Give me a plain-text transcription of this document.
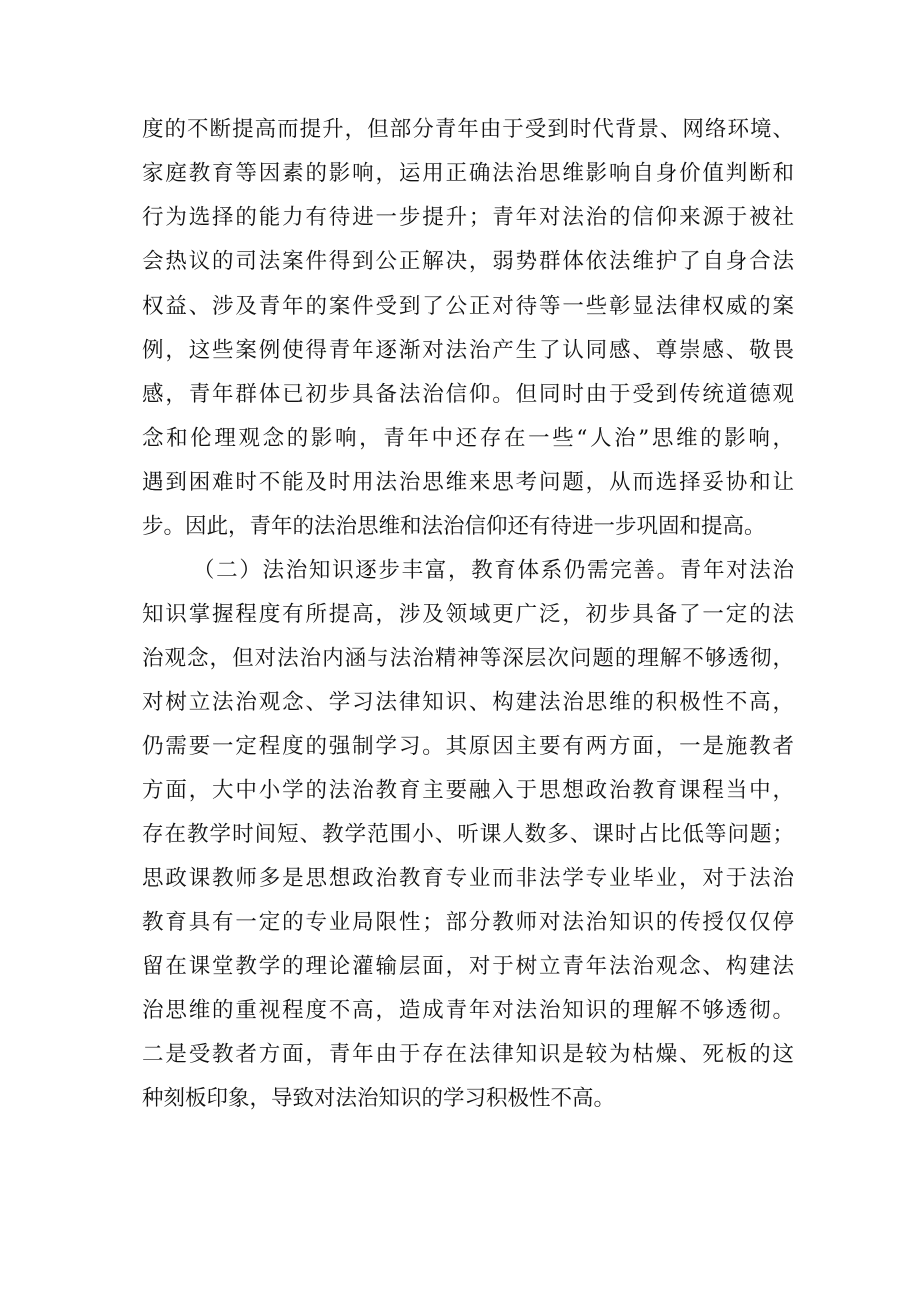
度的不断提高而提升，但部分青年由于受到时代背景、网络环境、
家庭教育等因素的影响，运用正确法治思维影响自身价值判断和
行为选择的能力有待进一步提升；青年对法治的信仰来源于被社
会热议的司法案件得到公正解决，弱势群体依法维护了自身合法
权益、涉及青年的案件受到了公正对待等一些彰显法律权威的案
例，这些案例使得青年逐渐对法治产生了认同感、尊崇感、敬畏
感，青年群体已初步具备法治信仰。但同时由于受到传统道德观
念和伦理观念的影响，青年中还存在一些“人治”思维的影响，
遇到困难时不能及时用法治思维来思考问题，从而选择妥协和让
步。因此，青年的法治思维和法治信仰还有待进一步巩固和提高。
（二）法治知识逐步丰富，教育体系仍需完善。青年对法治
知识掌握程度有所提高，涉及领域更广泛，初步具备了一定的法
治观念，但对法治内涵与法治精神等深层次问题的理解不够透彻，
对树立法治观念、学习法律知识、构建法治思维的积极性不高，
仍需要一定程度的强制学习。其原因主要有两方面，一是施教者
方面，大中小学的法治教育主要融入于思想政治教育课程当中，
存在教学时间短、教学范围小、听课人数多、课时占比低等问题；
思政课教师多是思想政治教育专业而非法学专业毕业，对于法治
教育具有一定的专业局限性；部分教师对法治知识的传授仅仅停
留在课堂教学的理论灌输层面，对于树立青年法治观念、构建法
治思维的重视程度不高，造成青年对法治知识的理解不够透彻。
二是受教者方面，青年由于存在法律知识是较为枯燥、死板的这
种刻板印象，导致对法治知识的学习积极性不高。
